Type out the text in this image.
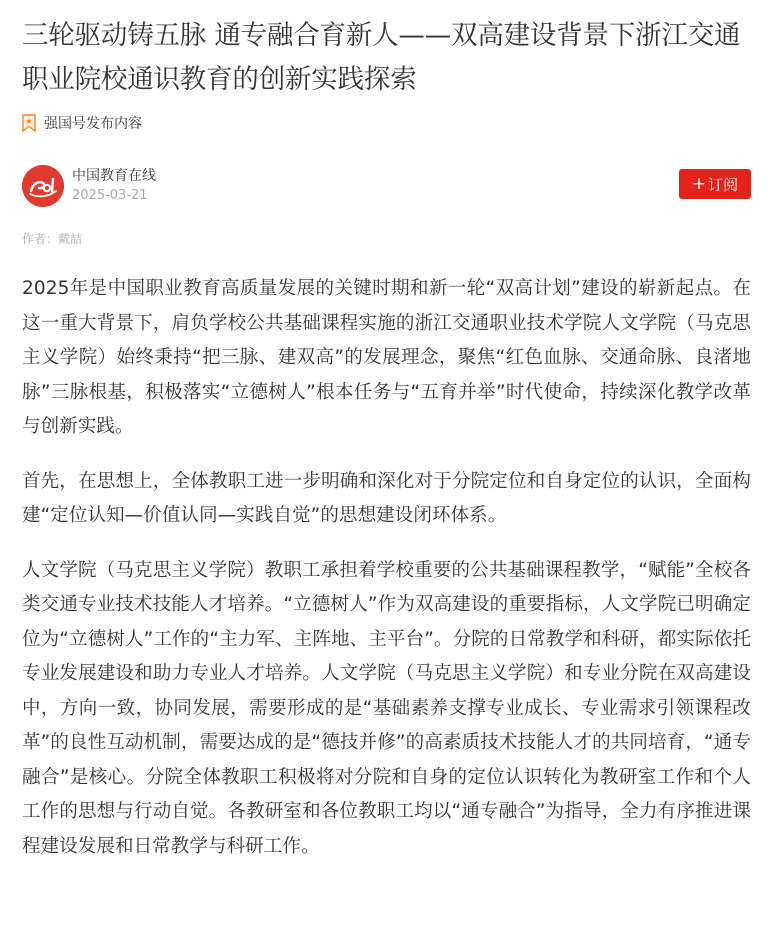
三轮驱动铸五脉 通专融合育新人——双高建设背景下浙江交通职业院校通识教育的创新实践探索
强国号发布内容
中国教育在线
2025-03-21
+ 订阅
作者：戴喆

2025年是中国职业教育高质量发展的关键时期和新一轮“双高计划”建设的崭新起点。在这一重大背景下，肩负学校公共基础课程实施的浙江交通职业技术学院人文学院（马克思主义学院）始终秉持“把三脉、建双高”的发展理念，聚焦“红色血脉、交通命脉、良渚地脉”三脉根基，积极落实“立德树人”根本任务与“五育并举”时代使命，持续深化教学改革与创新实践。

首先，在思想上，全体教职工进一步明确和深化对于分院定位和自身定位的认识，全面构建“定位认知—价值认同—实践自觉”的思想建设闭环体系。

人文学院（马克思主义学院）教职工承担着学校重要的公共基础课程教学，“赋能”全校各类交通专业技术技能人才培养。“立德树人”作为双高建设的重要指标，人文学院已明确定位为“立德树人”工作的“主力军、主阵地、主平台”。分院的日常教学和科研，都实际依托专业发展建设和助力专业人才培养。人文学院（马克思主义学院）和专业分院在双高建设中，方向一致，协同发展，需要形成的是“基础素养支撑专业成长、专业需求引领课程改革”的良性互动机制，需要达成的是“德技并修”的高素质技术技能人才的共同培育，“通专融合”是核心。分院全体教职工积极将对分院和自身的定位认识转化为教研室工作和个人工作的思想与行动自觉。各教研室和各位教职工均以“通专融合”为指导，全力有序推进课程建设发展和日常教学与科研工作。
